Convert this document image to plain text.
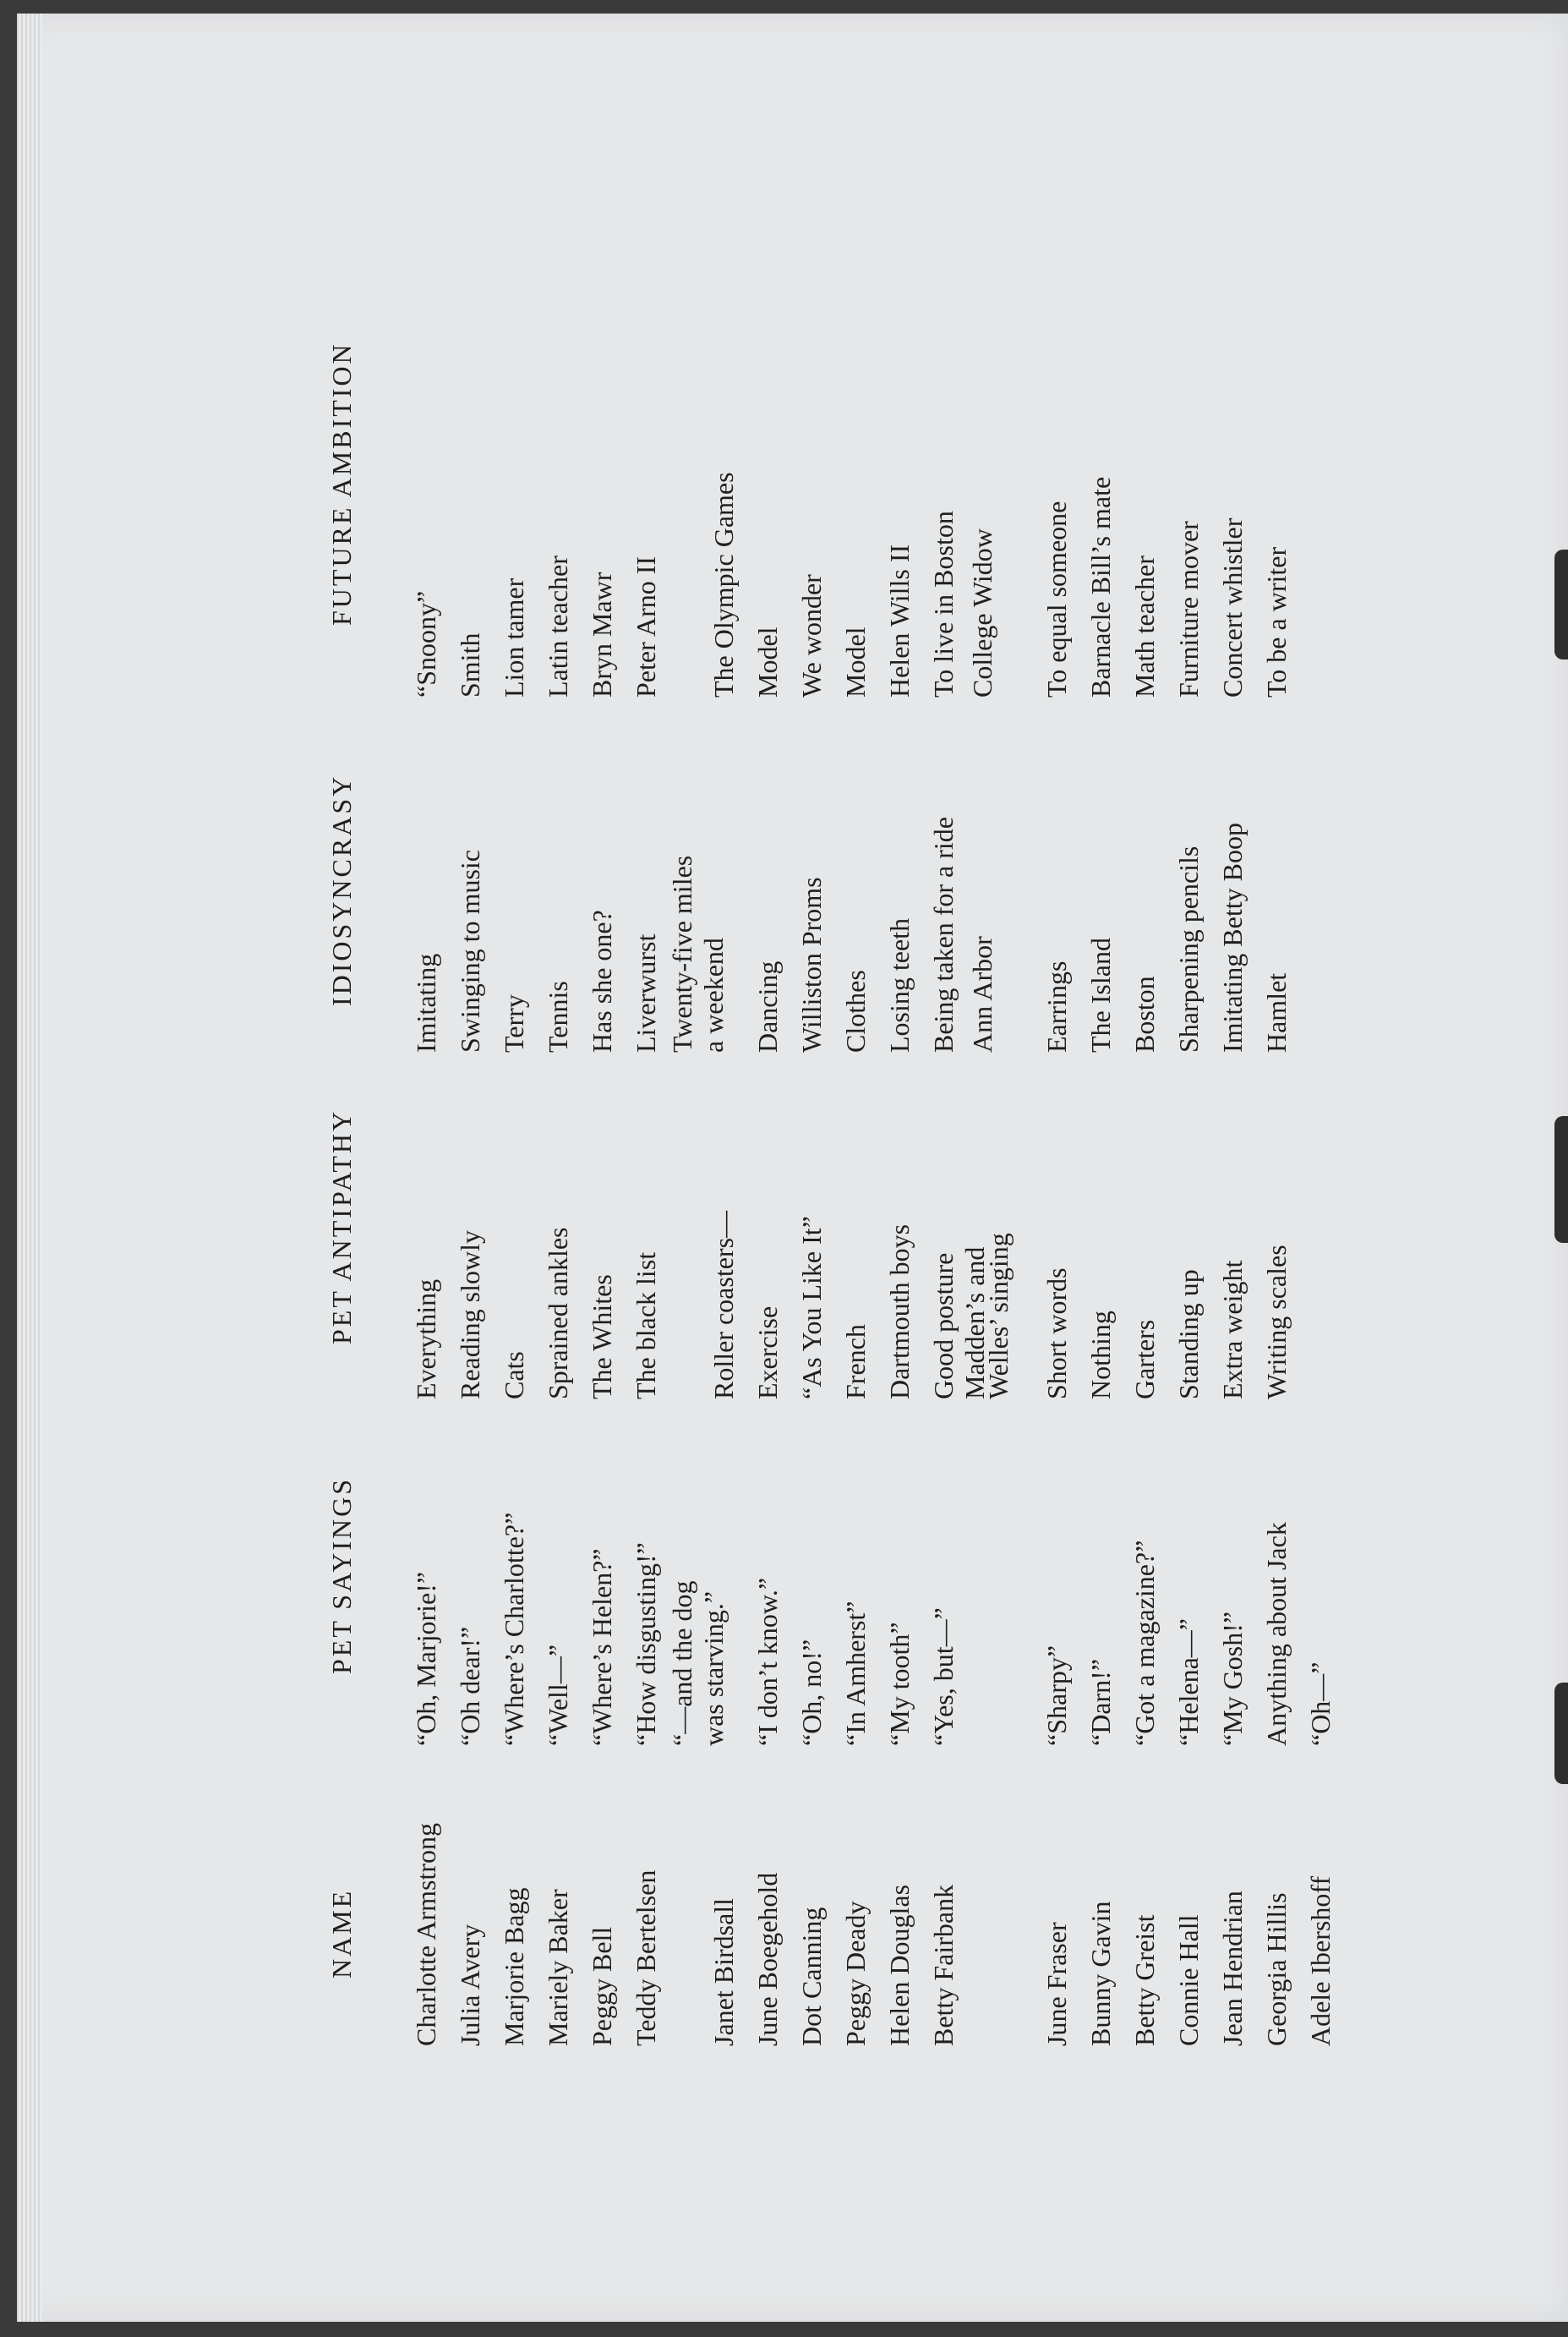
NAME
PET SAYINGS
PET ANTIPATHY
IDIOSYNCRASY
FUTURE AMBITION
Charlotte Armstrong
“Oh, Marjorie!”
Everything
Imitating
“Snoony”
Julia Avery
“Oh dear!”
Reading slowly
Swinging to music
Smith
Marjorie Bagg
“Where’s Charlotte?”
Cats
Terry
Lion tamer
Mariely Baker
“Well—”
Sprained ankles
Tennis
Latin teacher
Peggy Bell
“Where’s Helen?”
The Whites
Has she one?
Bryn Mawr
Teddy Bertelsen
“How disgusting!”
The black list
Liverwurst
Peter Arno II
“—and the dog
Twenty-five miles
was starving.”
a weekend
Janet Birdsall
Roller coasters—
The Olympic Games
June Boegehold
“I don’t know.”
Exercise
Dancing
Model
Dot Canning
“Oh, no!”
“As You Like It”
Williston Proms
We wonder
Peggy Deady
“In Amherst”
French
Clothes
Model
Helen Douglas
“My tooth”
Dartmouth boys
Losing teeth
Helen Wills II
Betty Fairbank
“Yes, but—”
Good posture
Being taken for a ride
To live in Boston
Madden’s and
Ann Arbor
College Widow
Welles’ singing
June Fraser
“Sharpy”
Short words
Earrings
To equal someone
Bunny Gavin
“Darn!”
Nothing
The Island
Barnacle Bill’s mate
Betty Greist
“Got a magazine?”
Garters
Boston
Math teacher
Connie Hall
“Helena—”
Standing up
Sharpening pencils
Furniture mover
Jean Hendrian
“My Gosh!”
Extra weight
Imitating Betty Boop
Concert whistler
Georgia Hillis
Anything about Jack
Writing scales
Hamlet
To be a writer
Adele Ibershoff
“Oh—”
